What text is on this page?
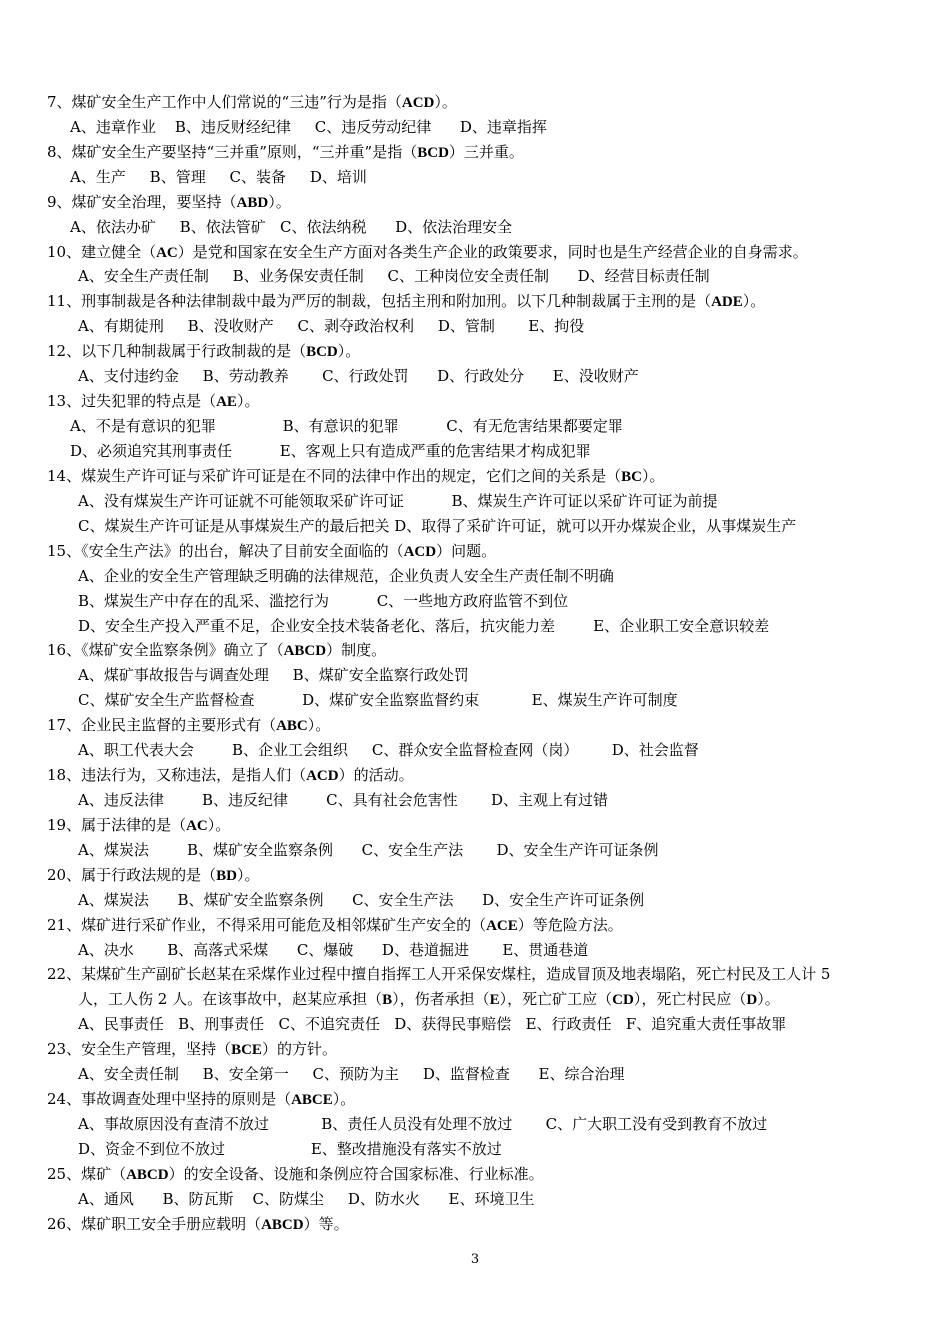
7、煤矿安全生产工作中人们常说的“三违”行为是指（ACD）。
A、违章作业    B、违反财经纪律     C、违反劳动纪律      D、违章指挥
8、煤矿安全生产要坚持“三并重”原则，“三并重”是指（BCD）三并重。
A、生产     B、管理     C、装备     D、培训
9、煤矿安全治理，要坚持（ABD）。
A、依法办矿     B、依法管矿   C、依法纳税      D、依法治理安全
10、建立健全（AC）是党和国家在安全生产方面对各类生产企业的政策要求，同时也是生产经营企业的自身需求。
A、安全生产责任制     B、业务保安责任制     C、工种岗位安全责任制      D、经营目标责任制
11、刑事制裁是各种法律制裁中最为严厉的制裁，包括主刑和附加刑。以下几种制裁属于主刑的是（ADE）。
A、有期徒刑     B、没收财产     C、剥夺政治权利     D、管制       E、拘役
12、以下几种制裁属于行政制裁的是（BCD）。
A、支付违约金     B、劳动教养       C、行政处罚      D、行政处分      E、没收财产
13、过失犯罪的特点是（AE）。
A、不是有意识的犯罪              B、有意识的犯罪          C、有无危害结果都要定罪
D、必须追究其刑事责任          E、客观上只有造成严重的危害结果才构成犯罪
14、煤炭生产许可证与采矿许可证是在不同的法律中作出的规定，它们之间的关系是（BC）。
A、没有煤炭生产许可证就不可能领取采矿许可证          B、煤炭生产许可证以采矿许可证为前提
C、煤炭生产许可证是从事煤炭生产的最后把关 D、取得了采矿许可证，就可以开办煤炭企业，从事煤炭生产
15、《安全生产法》的出台，解决了目前安全面临的（ACD）问题。
A、企业的安全生产管理缺乏明确的法律规范，企业负责人安全生产责任制不明确
B、煤炭生产中存在的乱采、滥挖行为          C、一些地方政府监管不到位
D、安全生产投入严重不足，企业安全技术装备老化、落后，抗灾能力差        E、企业职工安全意识较差
16、《煤矿安全监察条例》确立了（ABCD）制度。
A、煤矿事故报告与调查处理     B、煤矿安全监察行政处罚
C、煤矿安全生产监督检查          D、煤矿安全监察监督约束           E、煤炭生产许可制度
17、企业民主监督的主要形式有（ABC）。
A、职工代表大会        B、企业工会组织     C、群众安全监督检查网（岗）       D、社会监督
18、违法行为，又称违法，是指人们（ACD）的活动。
A、违反法律        B、违反纪律        C、具有社会危害性       D、主观上有过错
19、属于法律的是（AC）。
A、煤炭法        B、煤矿安全监察条例      C、安全生产法       D、安全生产许可证条例
20、属于行政法规的是（BD）。
A、煤炭法      B、煤矿安全监察条例      C、安全生产法      D、安全生产许可证条例
21、煤矿进行采矿作业，不得采用可能危及相邻煤矿生产安全的（ACE）等危险方法。
A、决水       B、高落式采煤      C、爆破      D、巷道掘进       E、贯通巷道
22、某煤矿生产副矿长赵某在采煤作业过程中擅自指挥工人开采保安煤柱，造成冒顶及地表塌陷，死亡村民及工人计 5
人，工人伤 2 人。在该事故中，赵某应承担（B），伤者承担（E），死亡矿工应（CD），死亡村民应（D）。
A、民事责任   B、刑事责任   C、不追究责任   D、获得民事赔偿   E、行政责任   F、追究重大责任事故罪
23、安全生产管理，坚持（BCE）的方针。
A、安全责任制     B、安全第一     C、预防为主     D、监督检查      E、综合治理
24、事故调查处理中坚持的原则是（ABCE）。
A、事故原因没有查清不放过           B、责任人员没有处理不放过       C、广大职工没有受到教育不放过
D、资金不到位不放过                  E、整改措施没有落实不放过
25、煤矿（ABCD）的安全设备、设施和条例应符合国家标准、行业标准。
A、通风      B、防瓦斯    C、防煤尘     D、防水火      E、环境卫生
26、煤矿职工安全手册应载明（ABCD）等。
3
